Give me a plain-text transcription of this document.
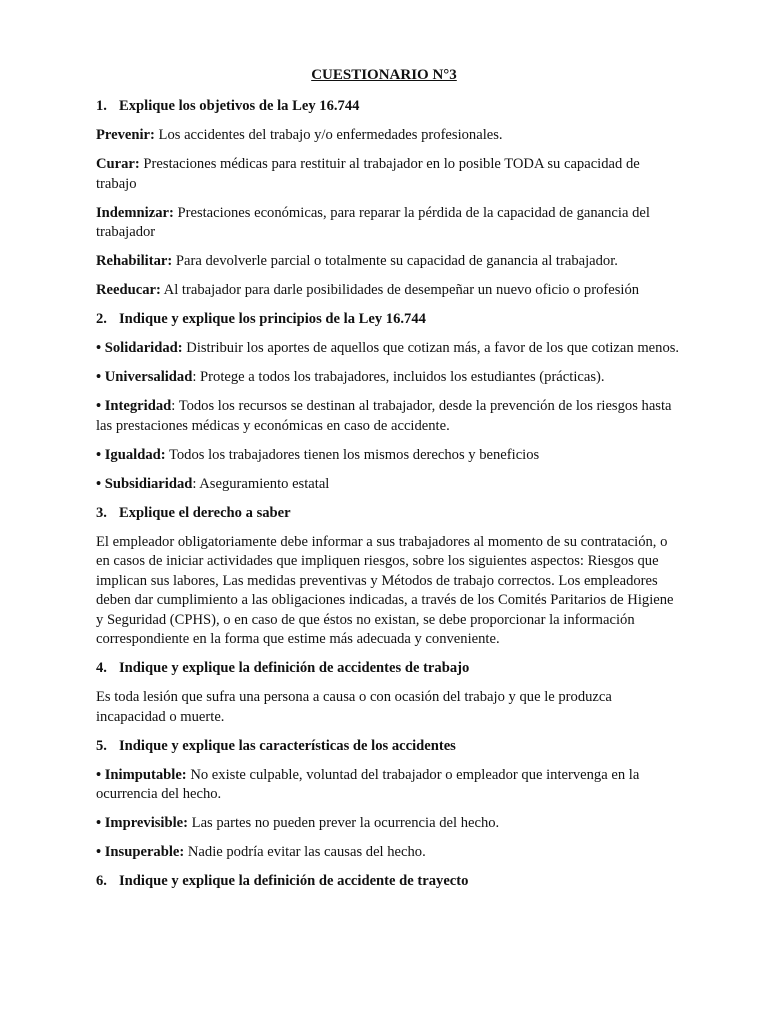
CUESTIONARIO N°3

1. Explique los objetivos de la Ley 16.744

Prevenir: Los accidentes del trabajo y/o enfermedades profesionales.

Curar: Prestaciones médicas para restituir al trabajador en lo posible TODA su capacidad de trabajo

Indemnizar: Prestaciones económicas, para reparar la pérdida de la capacidad de ganancia del trabajador

Rehabilitar: Para devolverle parcial o totalmente su capacidad de ganancia al trabajador.

Reeducar: Al trabajador para darle posibilidades de desempeñar un nuevo oficio o profesión

2. Indique y explique los principios de la Ley 16.744

• Solidaridad: Distribuir los aportes de aquellos que cotizan más, a favor de los que cotizan menos.

• Universalidad: Protege a todos los trabajadores, incluidos los estudiantes (prácticas).

• Integridad: Todos los recursos se destinan al trabajador, desde la prevención de los riesgos hasta las prestaciones médicas y económicas en caso de accidente.

• Igualdad: Todos los trabajadores tienen los mismos derechos y beneficios

• Subsidiaridad: Aseguramiento estatal

3. Explique el derecho a saber

El empleador obligatoriamente debe informar a sus trabajadores al momento de su contratación, o en casos de iniciar actividades que impliquen riesgos, sobre los siguientes aspectos: Riesgos que implican sus labores, Las medidas preventivas y Métodos de trabajo correctos. Los empleadores deben dar cumplimiento a las obligaciones indicadas, a través de los Comités Paritarios de Higiene y Seguridad (CPHS), o en caso de que éstos no existan, se debe proporcionar la información correspondiente en la forma que estime más adecuada y conveniente.

4. Indique y explique la definición de accidentes de trabajo

Es toda lesión que sufra una persona a causa o con ocasión del trabajo y que le produzca incapacidad o muerte.

5. Indique y explique las características de los accidentes

• Inimputable: No existe culpable, voluntad del trabajador o empleador que intervenga en la ocurrencia del hecho.

• Imprevisible: Las partes no pueden prever la ocurrencia del hecho.

• Insuperable: Nadie podría evitar las causas del hecho.

6. Indique y explique la definición de accidente de trayecto
